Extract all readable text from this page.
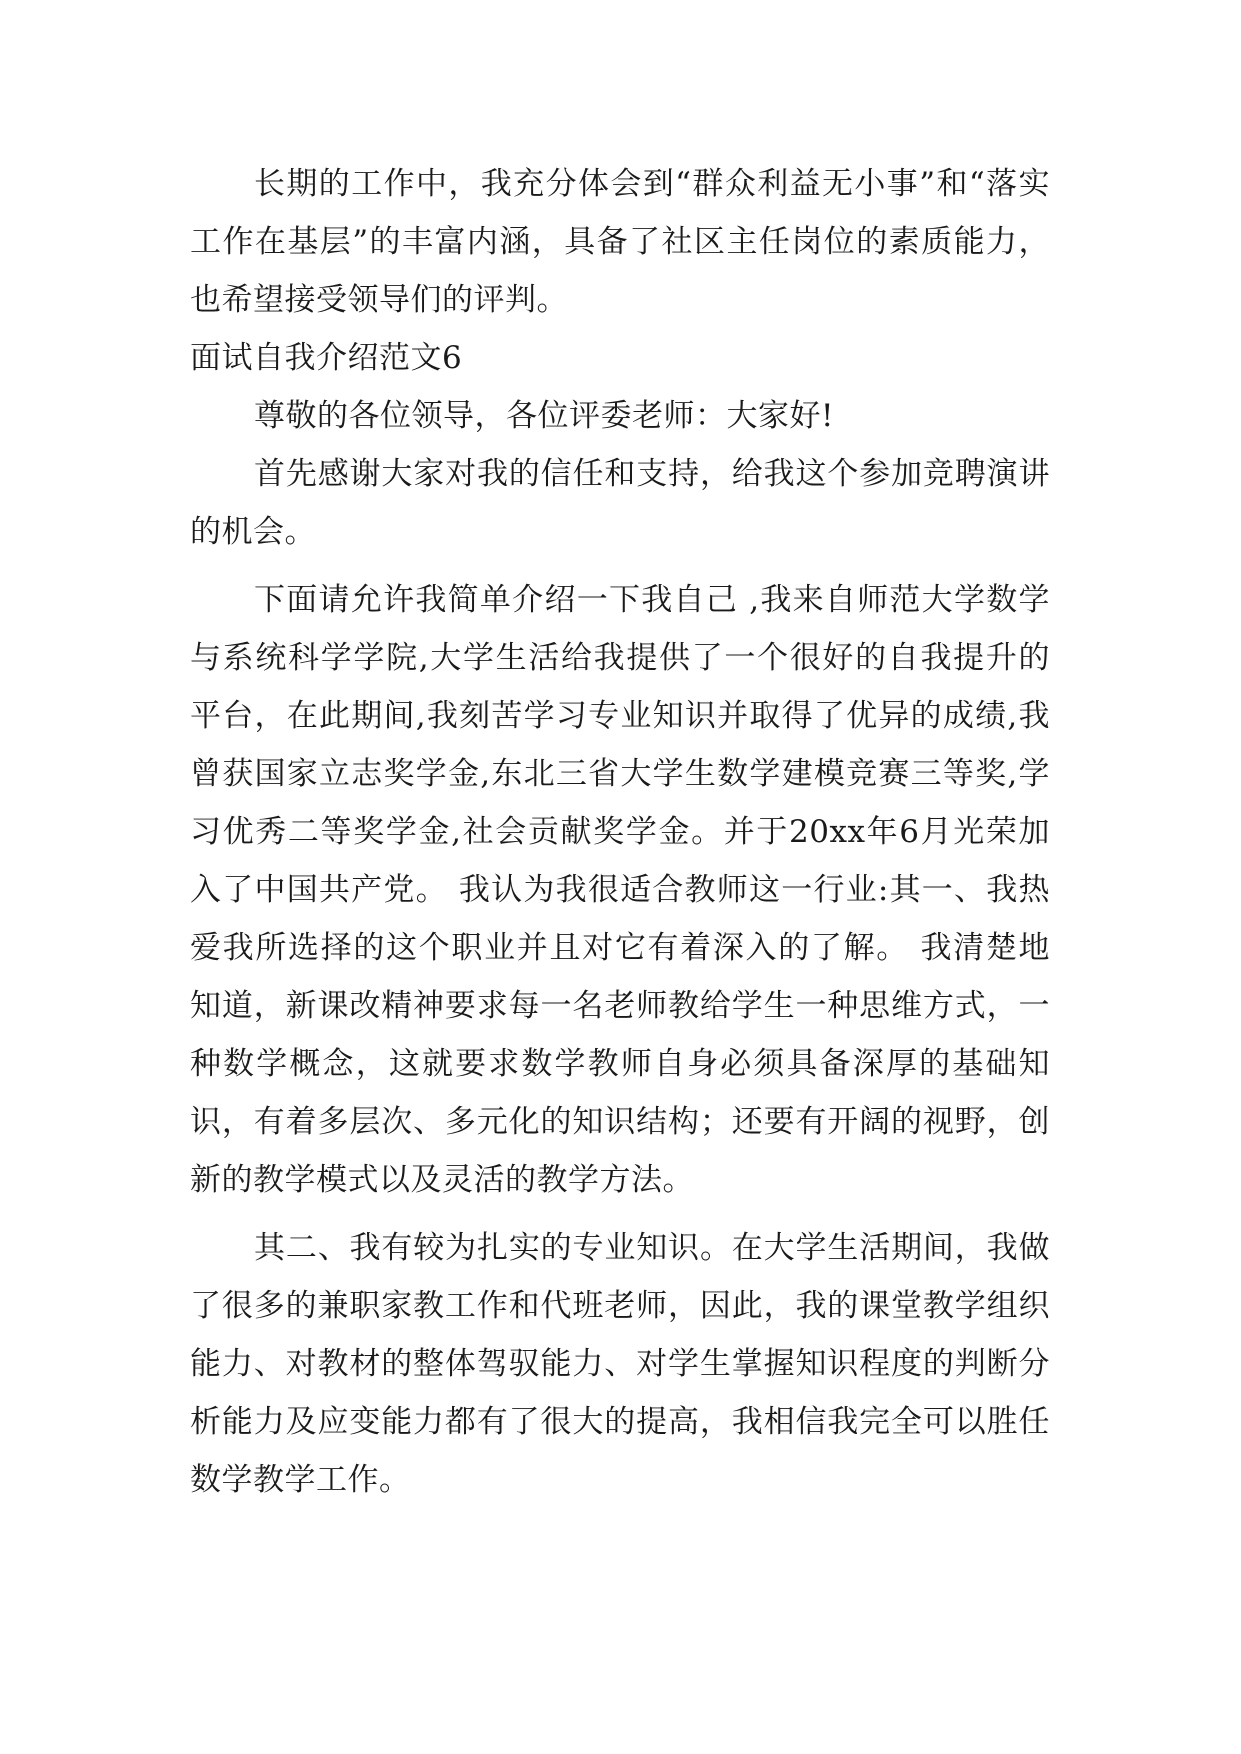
长期的工作中，我充分体会到“群众利益无小事”和“落实工作在基层”的丰富内涵，具备了社区主任岗位的素质能力，也希望接受领导们的评判。

面试自我介绍范文6

尊敬的各位领导，各位评委老师：大家好!

首先感谢大家对我的信任和支持，给我这个参加竞聘演讲的机会。

下面请允许我简单介绍一下我自己 ,我来自师范大学数学与系统科学学院,大学生活给我提供了一个很好的自我提升的平台，在此期间,我刻苦学习专业知识并取得了优异的成绩,我曾获国家立志奖学金,东北三省大学生数学建模竞赛三等奖,学习优秀二等奖学金,社会贡献奖学金。并于20xx年6月光荣加入了中国共产党。 我认为我很适合教师这一行业:其一、我热爱我所选择的这个职业并且对它有着深入的了解。 我清楚地知道，新课改精神要求每一名老师教给学生一种思维方式，一种数学概念，这就要求数学教师自身必须具备深厚的基础知识，有着多层次、多元化的知识结构；还要有开阔的视野，创新的教学模式以及灵活的教学方法。

其二、我有较为扎实的专业知识。在大学生活期间，我做了很多的兼职家教工作和代班老师，因此，我的课堂教学组织能力、对教材的整体驾驭能力、对学生掌握知识程度的判断分析能力及应变能力都有了很大的提高，我相信我完全可以胜任数学教学工作。
